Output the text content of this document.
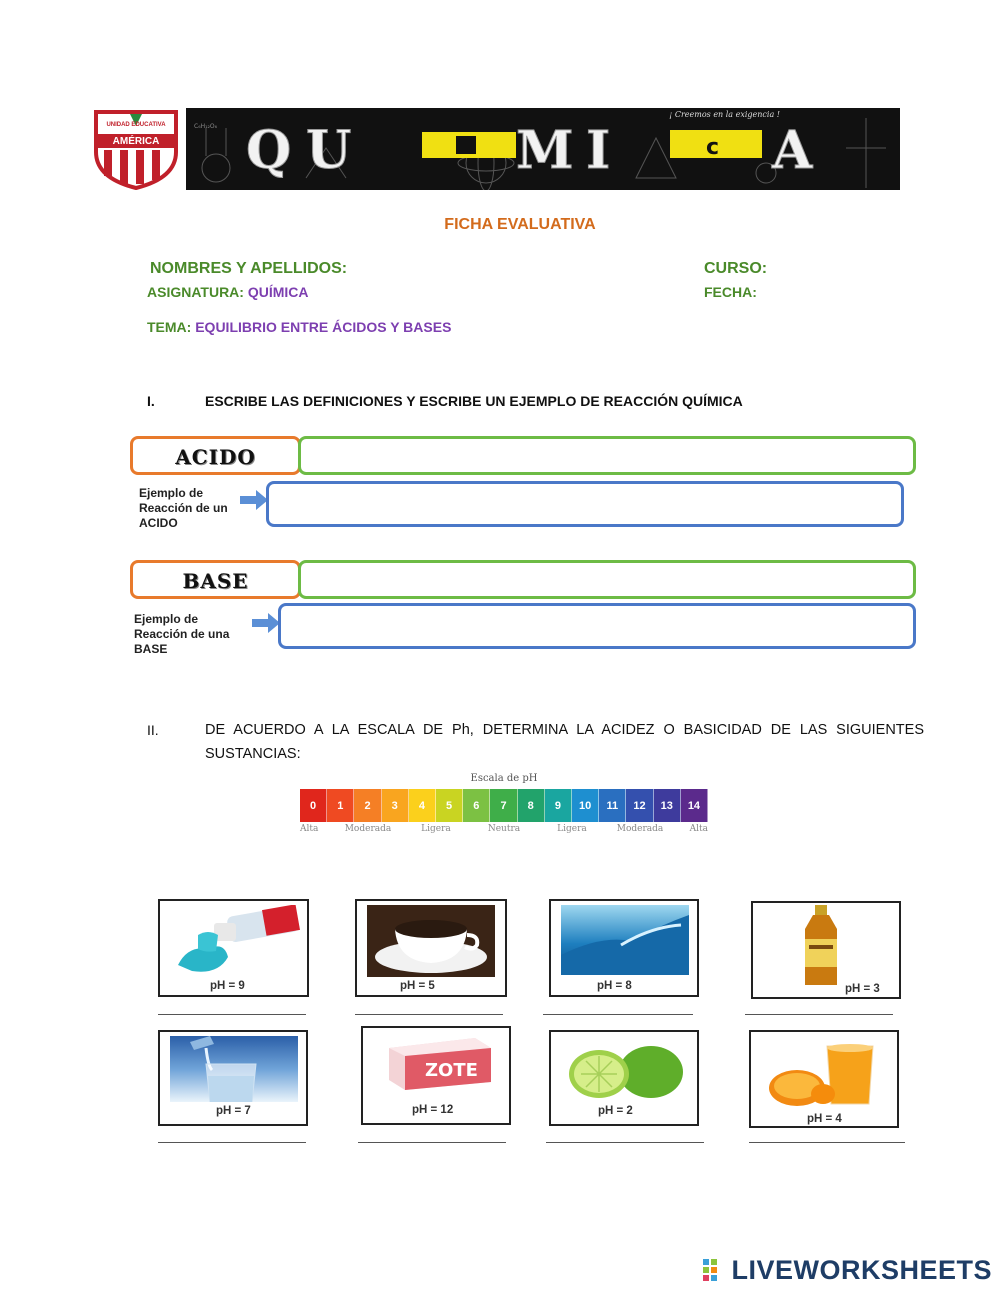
UNIDAD EDUCATIVA
AMÉRICA
C₆H₁₂O₆ Q U	M I	A
c
¡ Creemos en la exigencia !
FICHA EVALUATIVA
NOMBRES Y APELLIDOS:	CURSO:
ASIGNATURA: QUÍMICA	FECHA:
TEMA: EQUILIBRIO ENTRE ÁCIDOS Y BASES
I.	ESCRIBE LAS DEFINICIONES Y ESCRIBE UN EJEMPLO DE REACCIÓN QUÍMICA
ACIDO
Ejemplo de
Reacción de un
ACIDO
BASE
Ejemplo de
Reacción de una
BASE
II.	DE ACUERDO A LA ESCALA DE Ph, DETERMINA LA ACIDEZ O BASICIDAD DE LAS SIGUIENTES SUSTANCIAS:
Escala de pH
0	1	2	3	4	5	6	7	8	9	10	11	12	13	14
Alta	Moderada	Ligera	Neutra	Ligera	Moderada	Alta
pH = 9	pH = 5	pH = 8	pH = 3
pH = 7
ZOTE
pH = 12	pH = 2
pH = 4
LIVEWORKSHEETS
